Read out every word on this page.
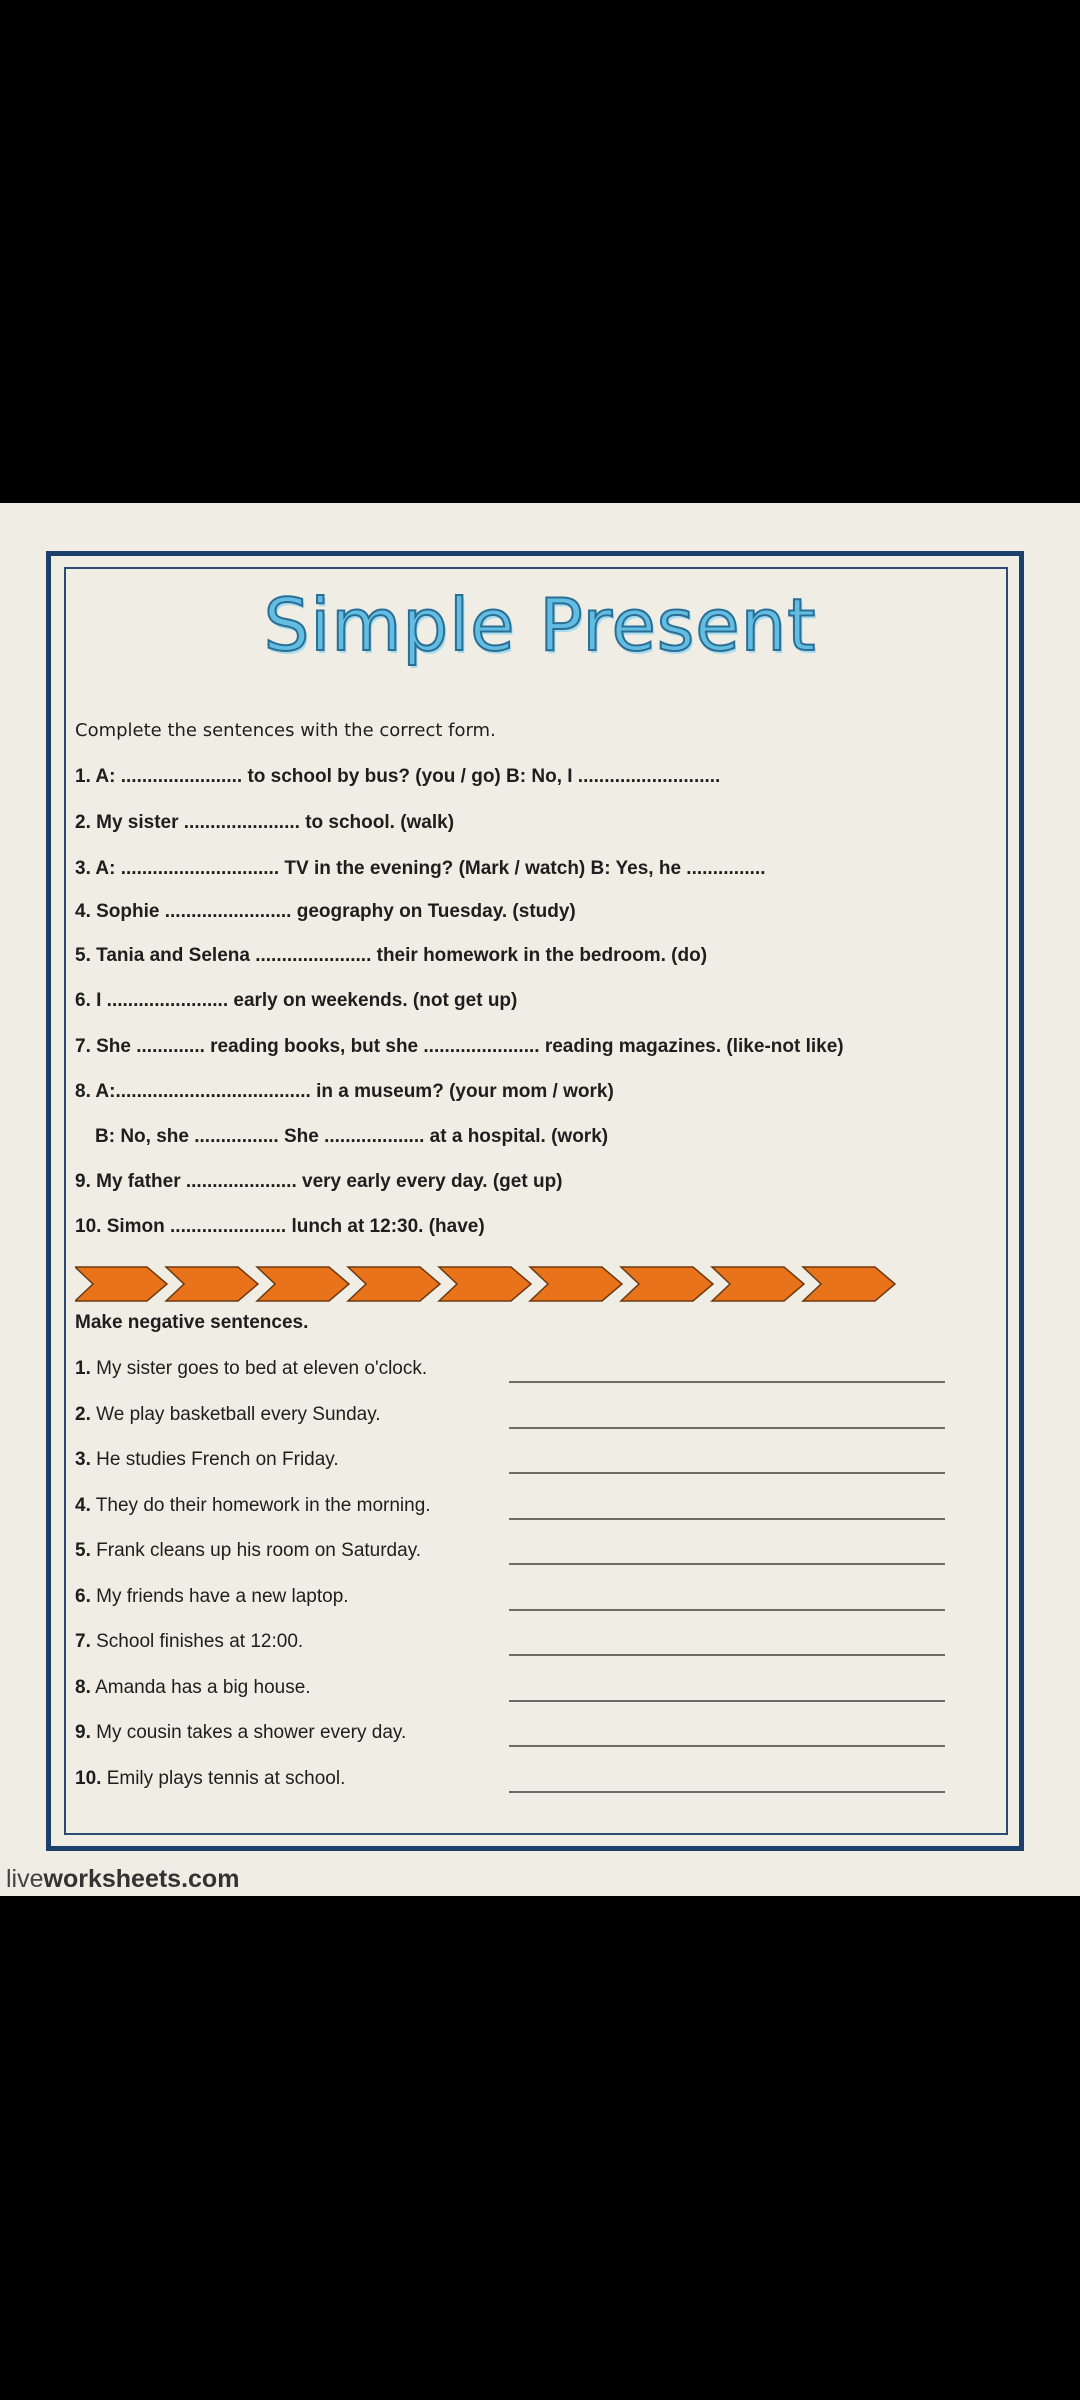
Simple Present
Complete the sentences with the correct form.
1. A: ....................... to school by bus? (you / go) B: No, I ...........................
2. My sister ...................... to school. (walk)
3. A: .............................. TV in the evening? (Mark / watch) B: Yes, he ...............
4. Sophie ........................ geography on Tuesday. (study)
5. Tania and Selena ...................... their homework in the bedroom. (do)
6. I ....................... early on weekends. (not get up)
7. She ............. reading books, but she ...................... reading magazines. (like-not like)
8. A:..................................... in a museum? (your mom / work)
B: No, she ................ She ................... at a hospital. (work)
9. My father ..................... very early every day. (get up)
10. Simon ...................... lunch at 12:30. (have)
Make negative sentences.
1. My sister goes to bed at eleven o'clock.
2. We play basketball every Sunday.
3. He studies French on Friday.
4. They do their homework in the morning.
5. Frank cleans up his room on Saturday.
6. My friends have a new laptop.
7. School finishes at 12:00.
8. Amanda has a big house.
9. My cousin takes a shower every day.
10. Emily plays tennis at school.
liveworksheets.com
